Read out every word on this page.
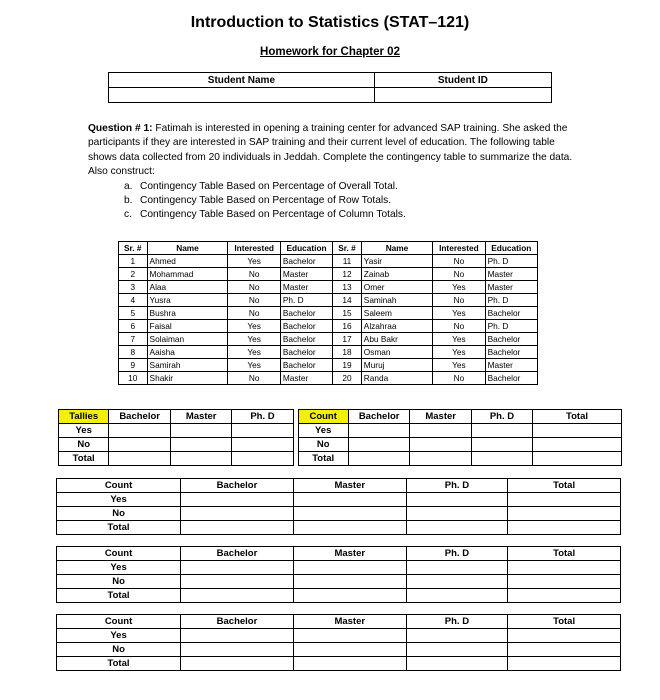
Introduction to Statistics (STAT–121)
Homework for Chapter 02
Student Name	Student ID

Question # 1: Fatimah is interested in opening a training center for advanced SAP training. She asked the participants if they are interested in SAP training and their current level of education. The following table shows data collected from 20 individuals in Jeddah. Complete the contingency table to summarize the data. Also construct:

a. Contingency Table Based on Percentage of Overall Total.
b. Contingency Table Based on Percentage of Row Totals.
c. Contingency Table Based on Percentage of Column Totals.
Sr. #	Name	Interested	Education	Sr. #	Name	Interested	Education
1	Ahmed	Yes	Bachelor	11	Yasir	No	Ph. D
2	Mohammad	No	Master	12	Zainab	No	Master
3	Alaa	No	Master	13	Omer	Yes	Master
4	Yusra	No	Ph. D	14	Saminah	No	Ph. D
5	Bushra	No	Bachelor	15	Saleem	Yes	Bachelor
6	Faisal	Yes	Bachelor	16	Alzahraa	No	Ph. D
7	Solaiman	Yes	Bachelor	17	Abu Bakr	Yes	Bachelor
8	Aaisha	Yes	Bachelor	18	Osman	Yes	Bachelor
9	Samirah	Yes	Bachelor	19	Muruj	Yes	Master
10	Shakir	No	Master	20	Randa	No	Bachelor
Tallies	Bachelor	Master	Ph. D		Count	Bachelor	Master	Ph. D	Total
Yes					Yes				
No					No				
Total					Total				
Count	Bachelor	Master	Ph. D	Total
Yes				
No				
Total				
Count	Bachelor	Master	Ph. D	Total
Yes				
No				
Total				
Count	Bachelor	Master	Ph. D	Total
Yes				
No				
Total				
